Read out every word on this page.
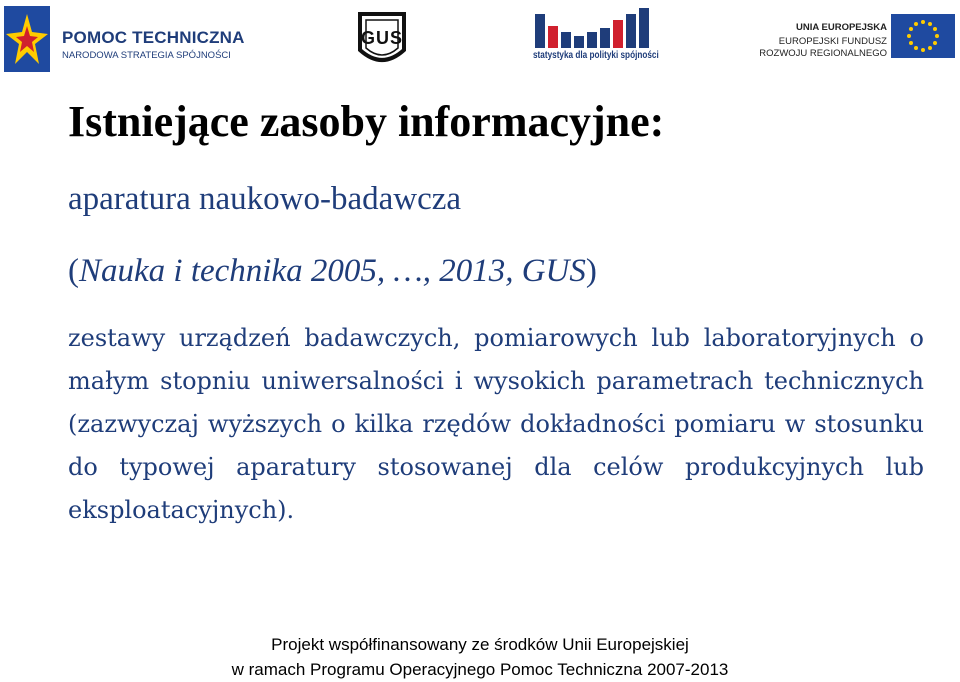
POMOC TECHNICZNA
NARODOWA STRATEGIA SPÓJNOŚCI
GUS
statystyka dla polityki spójności
UNIA EUROPEJSKA
EUROPEJSKI FUNDUSZ
ROZWOJU REGIONALNEGO
Istniejące zasoby informacyjne:
aparatura naukowo-badawcza
(Nauka i technika 2005, …, 2013, GUS)
zestawy urządzeń badawczych, pomiarowych lub laboratoryjnych o małym stopniu uniwersalności i wysokich parametrach technicznych (zazwyczaj wyższych o kilka rzędów dokładności pomiaru w stosunku do typowej aparatury stosowanej dla celów produkcyjnych lub eksploatacyjnych).
Projekt współfinansowany ze środków Unii Europejskiej
w ramach Programu Operacyjnego Pomoc Techniczna 2007-2013
